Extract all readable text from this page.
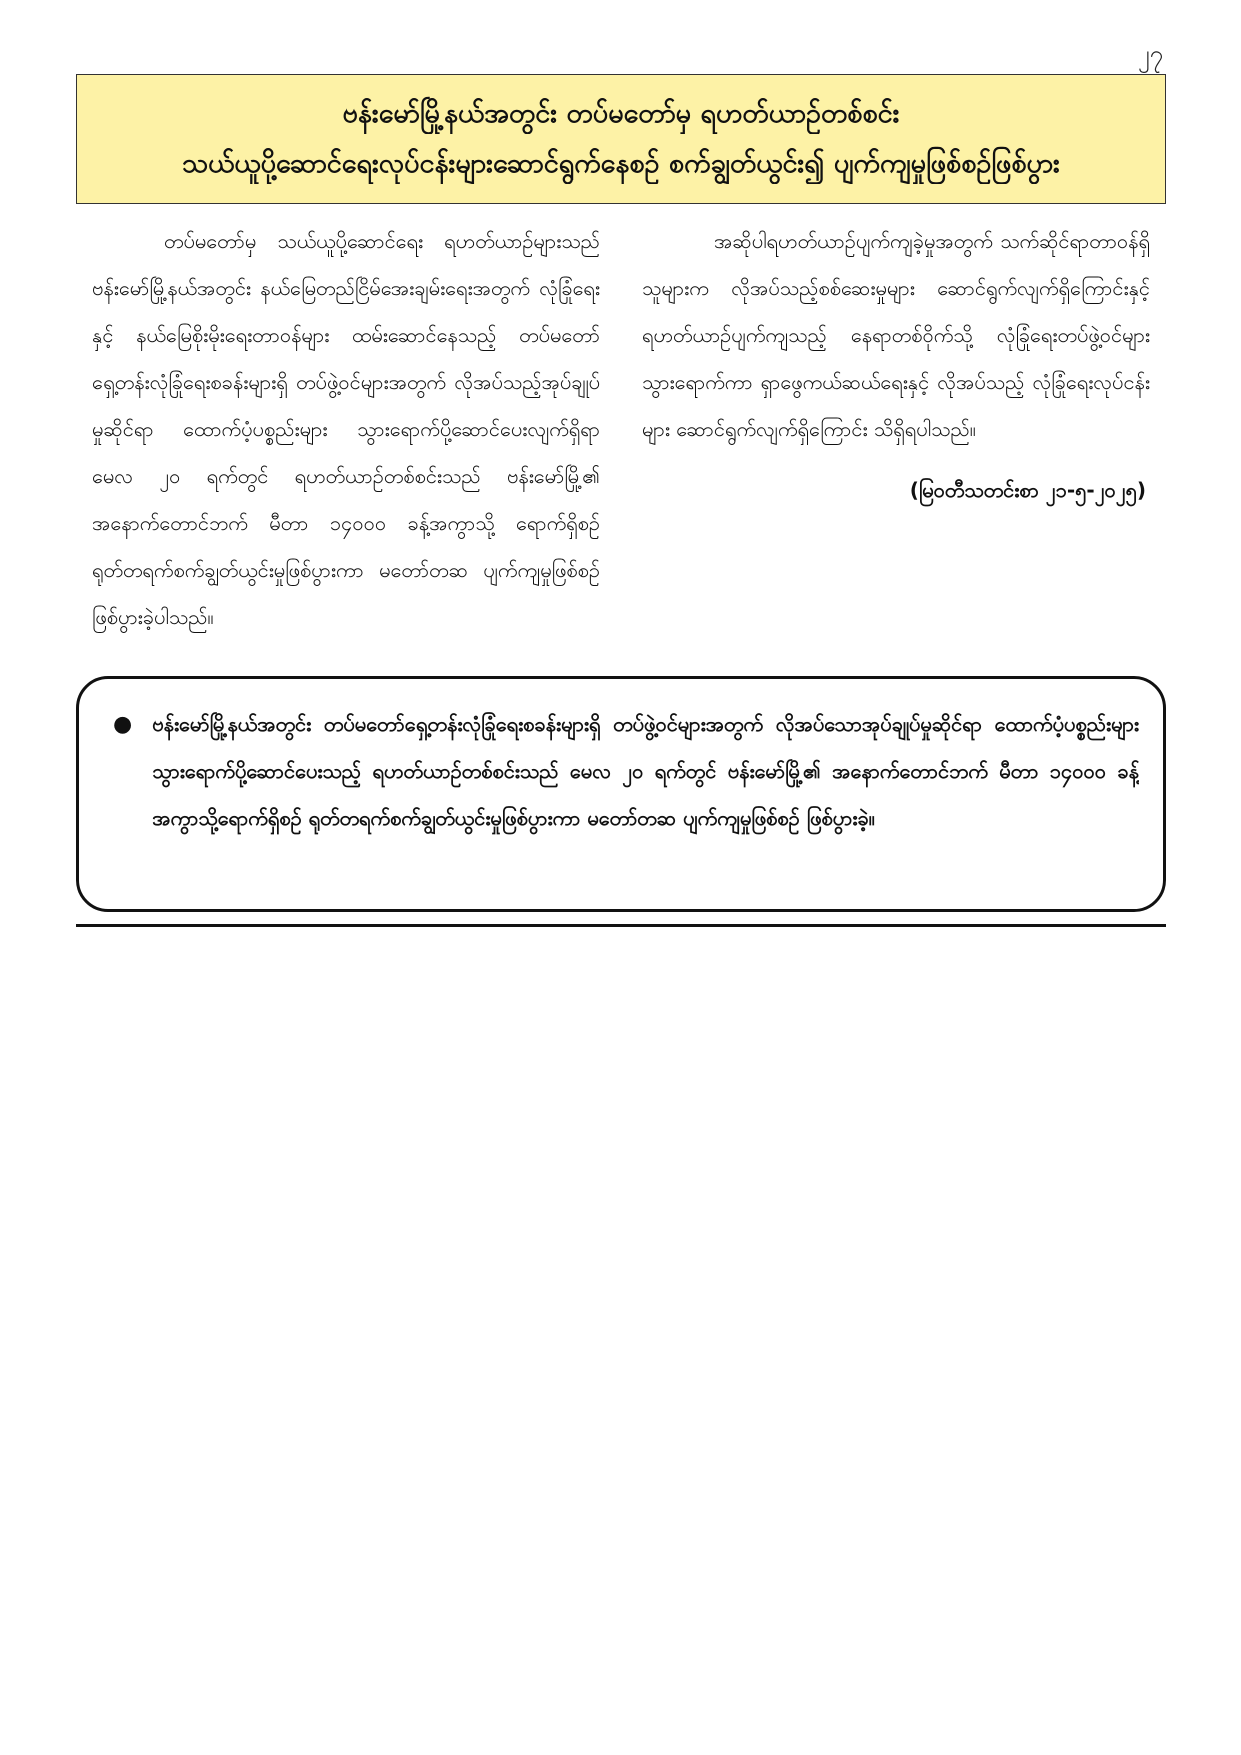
၂၇
ဗန်းမော်မြို့နယ်အတွင်း တပ်မတော်မှ ရဟတ်ယာဉ်တစ်စင်း
သယ်ယူပို့ဆောင်ရေးလုပ်ငန်းများဆောင်ရွက်နေစဉ် စက်ချွတ်ယွင်း၍ ပျက်ကျမှုဖြစ်စဉ်ဖြစ်ပွား

တပ်မတော်မှ သယ်ယူပို့ဆောင်ရေး ရဟတ်ယာဉ်များသည် ဗန်းမော်မြို့နယ်အတွင်း နယ်မြေတည်ငြိမ်အေးချမ်းရေးအတွက် လုံခြုံရေးနှင့် နယ်မြေစိုးမိုးရေးတာဝန်များ ထမ်းဆောင်နေသည့် တပ်မတော်ရှေ့တန်းလုံခြုံရေးစခန်းများရှိ တပ်ဖွဲ့ဝင်များအတွက် လိုအပ်သည့်အုပ်ချုပ်မှုဆိုင်ရာ ထောက်ပံ့ပစ္စည်းများ သွားရောက်ပို့ဆောင်ပေးလျက်ရှိရာ မေလ ၂၀ ရက်တွင် ရဟတ်ယာဉ်တစ်စင်းသည် ဗန်းမော်မြို့၏ အနောက်တောင်ဘက် မီတာ ၁၄၀၀၀ ခန့်အကွာသို့ ရောက်ရှိစဉ် ရုတ်တရက်စက်ချွတ်ယွင်းမှုဖြစ်ပွားကာ မတော်တဆ ပျက်ကျမှုဖြစ်စဉ် ဖြစ်ပွားခဲ့ပါသည်။

အဆိုပါရဟတ်ယာဉ်ပျက်ကျခဲ့မှုအတွက် သက်ဆိုင်ရာတာဝန်ရှိသူများက လိုအပ်သည့်စစ်ဆေးမှုများ ဆောင်ရွက်လျက်ရှိကြောင်းနှင့် ရဟတ်ယာဉ်ပျက်ကျသည့် နေရာတစ်ဝိုက်သို့ လုံခြုံရေးတပ်ဖွဲ့ဝင်များသွားရောက်ကာ ရှာဖွေကယ်ဆယ်ရေးနှင့် လိုအပ်သည့် လုံခြုံရေးလုပ်ငန်းများ ဆောင်ရွက်လျက်ရှိကြောင်း သိရှိရပါသည်။

(မြဝတီသတင်းစာ ၂၁-၅-၂၀၂၅)

● ဗန်းမော်မြို့နယ်အတွင်း တပ်မတော်ရှေ့တန်းလုံခြုံရေးစခန်းများရှိ တပ်ဖွဲ့ဝင်များအတွက် လိုအပ်သောအုပ်ချုပ်မှုဆိုင်ရာ ထောက်ပံ့ပစ္စည်းများ သွားရောက်ပို့ဆောင်ပေးသည့် ရဟတ်ယာဉ်တစ်စင်းသည် မေလ ၂၀ ရက်တွင် ဗန်းမော်မြို့၏ အနောက်တောင်ဘက် မီတာ ၁၄၀၀၀ ခန့်အကွာသို့ရောက်ရှိစဉ် ရုတ်တရက်စက်ချွတ်ယွင်းမှုဖြစ်ပွားကာ မတော်တဆ ပျက်ကျမှုဖြစ်စဉ် ဖြစ်ပွားခဲ့။
